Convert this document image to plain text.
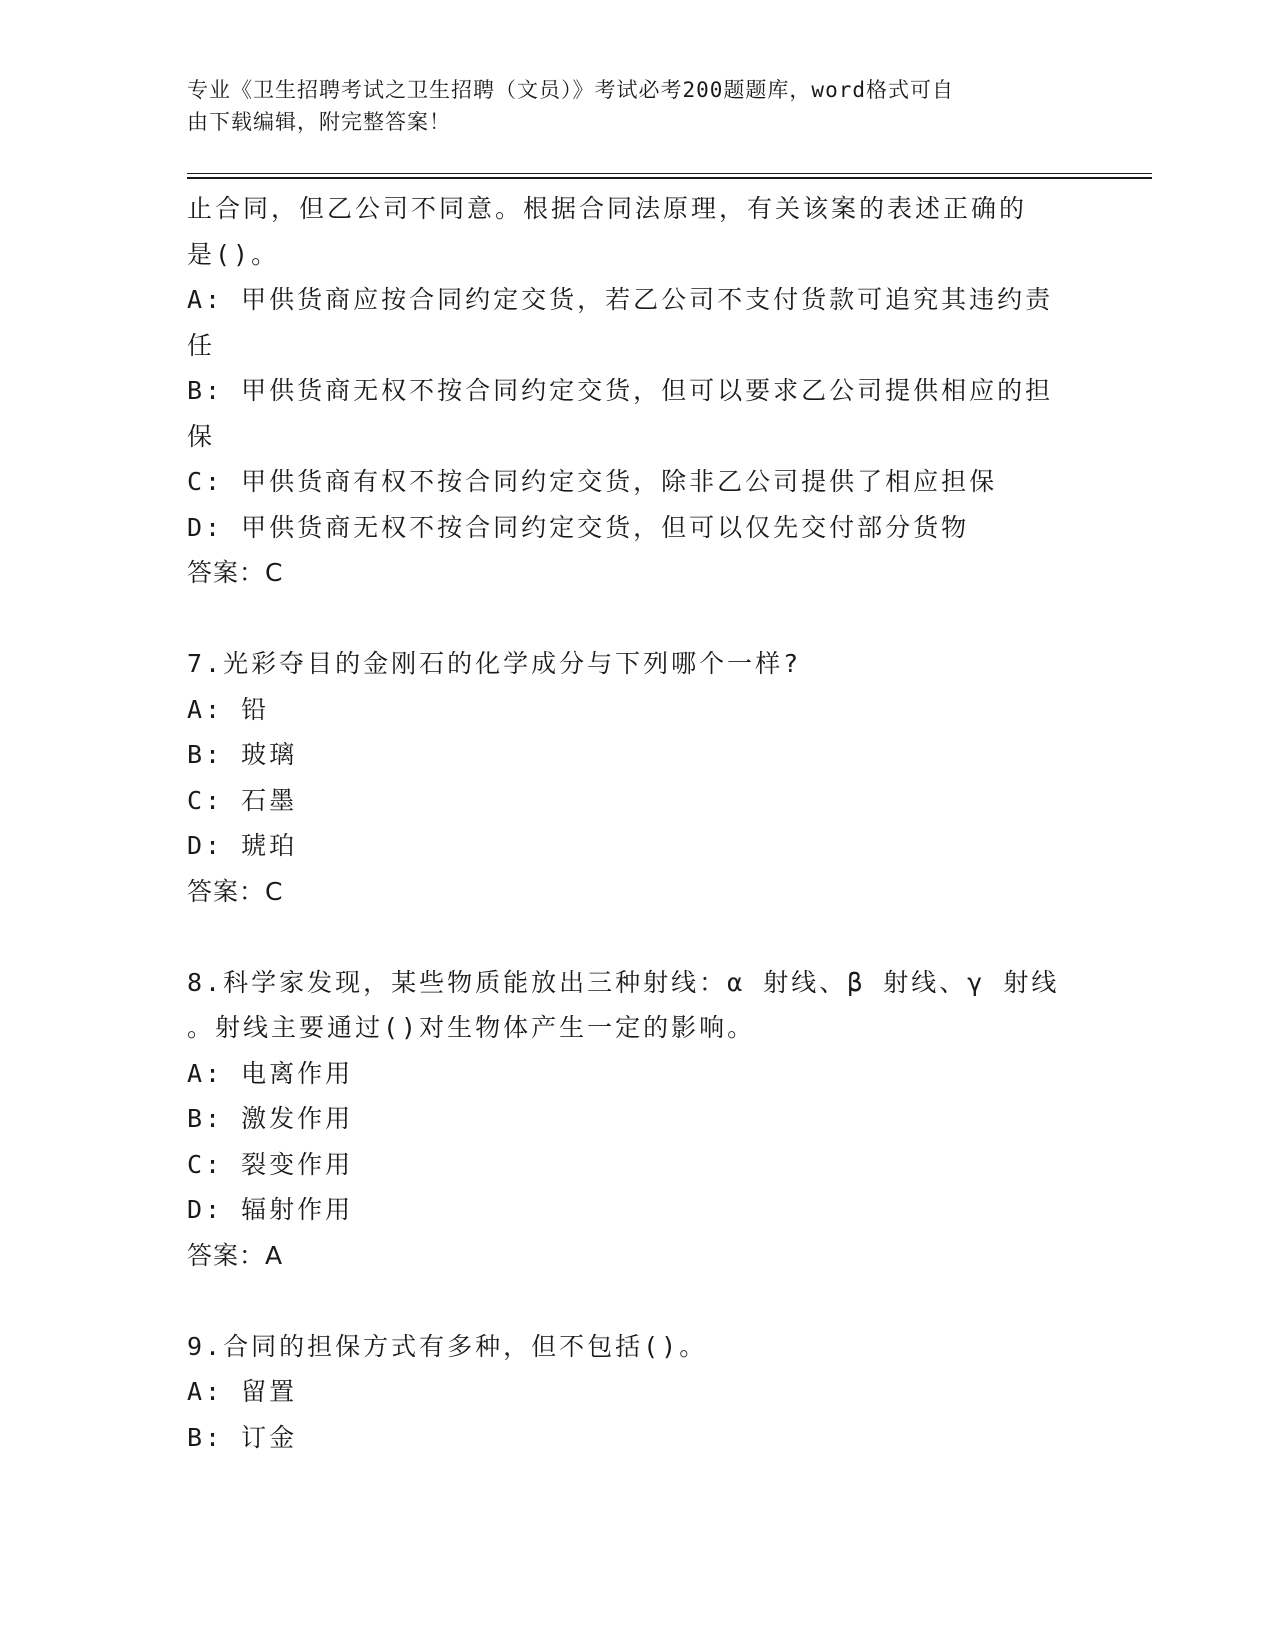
专业《卫生招聘考试之卫生招聘（文员）》考试必考200题题库，word格式可自
由下载编辑，附完整答案！
止合同，但乙公司不同意。根据合同法原理，有关该案的表述正确的
是()。
A: 甲供货商应按合同约定交货，若乙公司不支付货款可追究其违约责
任
B: 甲供货商无权不按合同约定交货，但可以要求乙公司提供相应的担
保
C: 甲供货商有权不按合同约定交货，除非乙公司提供了相应担保
D: 甲供货商无权不按合同约定交货，但可以仅先交付部分货物
答案：C
7.光彩夺目的金刚石的化学成分与下列哪个一样?
A: 铅
B: 玻璃
C: 石墨
D: 琥珀
答案：C
8.科学家发现，某些物质能放出三种射线：α 射线、β 射线、γ 射线
。射线主要通过()对生物体产生一定的影响。
A: 电离作用
B: 激发作用
C: 裂变作用
D: 辐射作用
答案：A
9.合同的担保方式有多种，但不包括()。
A: 留置
B: 订金
